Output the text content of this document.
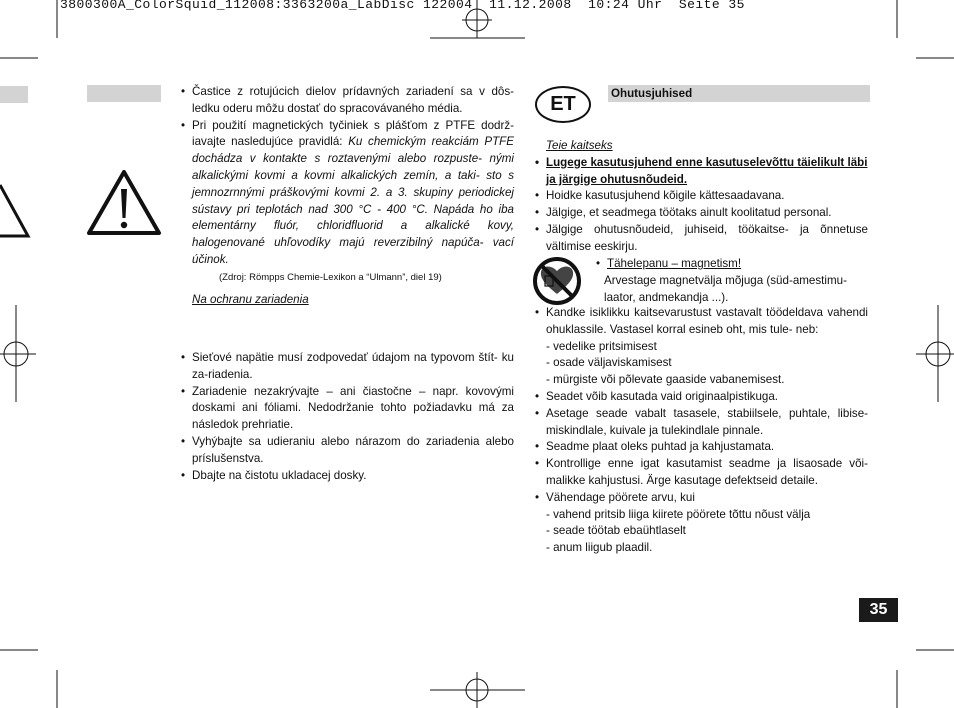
3800300A_ColorSquid_112008:3363200a_LabDisc 122004  11.12.2008  10:24 Uhr  Seite 35
• Častice z rotujúcich dielov prídavných zariadení sa v dôs- ledku oderu môžu dostať do spracovávaného média.
• Pri použití magnetických tyčiniek s plášťom z PTFE dodrž- iavajte nasledujúce pravidlá: Ku chemickým reakciám PTFE dochádza v kontakte s roztavenými alebo rozpuste- nými alkalickými kovmi a kovmi alkalických zemín, a taki- sto s jemnozrnnými práškovými kovmi 2. a 3. skupiny periodickej sústavy pri teplotách nad 300 °C - 400 °C. Napáda ho iba elementárny fluór, chloridfluorid a alkalické kovy, halogenované uhľovodíky majú reverzibilný napúča- vací účinok.
(Zdroj: Römpps Chemie-Lexikon a “Ulmann”, diel 19)
Na ochranu zariadenia
• Sieťové napätie musí zodpovedať údajom na typovom štít- ku za-riadenia.
• Zariadenie nezakrývajte – ani čiastočne – napr. kovovými doskami ani fóliami. Nedodržanie tohto požiadavku má za následok prehriatie.
• Vyhýbajte sa udieraniu alebo nárazom do zariadenia alebo príslušenstva.
• Dbajte na čistotu ukladacej dosky.
ET	Ohutusjuhised
Teie kaitseks
• Lugege kasutusjuhend enne kasutuselevõttu täielikult läbi ja järgige ohutusnõudeid.
• Hoidke kasutusjuhend kõigile kättesaadavana.
• Jälgige, et seadmega töötaks ainult koolitatud personal.
• Jälgige ohutusnõudeid, juhiseid, töökaitse- ja õnnetuse vältimise eeskirju.
• Tähelepanu – magnetism!
Arvestage magnetvälja mõjuga (süd-amestimu- laator, andmekandja ...).
• Kandke isiklikku kaitsevarustust vastavalt töödeldava vahendi ohuklassile. Vastasel korral esineb oht, mis tule- neb:
- vedelike pritsimisest
- osade väljaviskamisest
- mürgiste või põlevate gaaside vabanemisest.
• Seadet võib kasutada vaid originaalpistikuga.
• Asetage seade vabalt tasasele, stabiilsele, puhtale, libise- miskindlale, kuivale ja tulekindlale pinnale.
• Seadme plaat oleks puhtad ja kahjustamata.
• Kontrollige enne igat kasutamist seadme ja lisaosade või- malikke kahjustusi. Ärge kasutage defektseid detaile.
• Vähendage pöörete arvu, kui
- vahend pritsib liiga kiirete pöörete tõttu nõust välja
- seade töötab ebaühtlaselt
- anum liigub plaadil.
35
